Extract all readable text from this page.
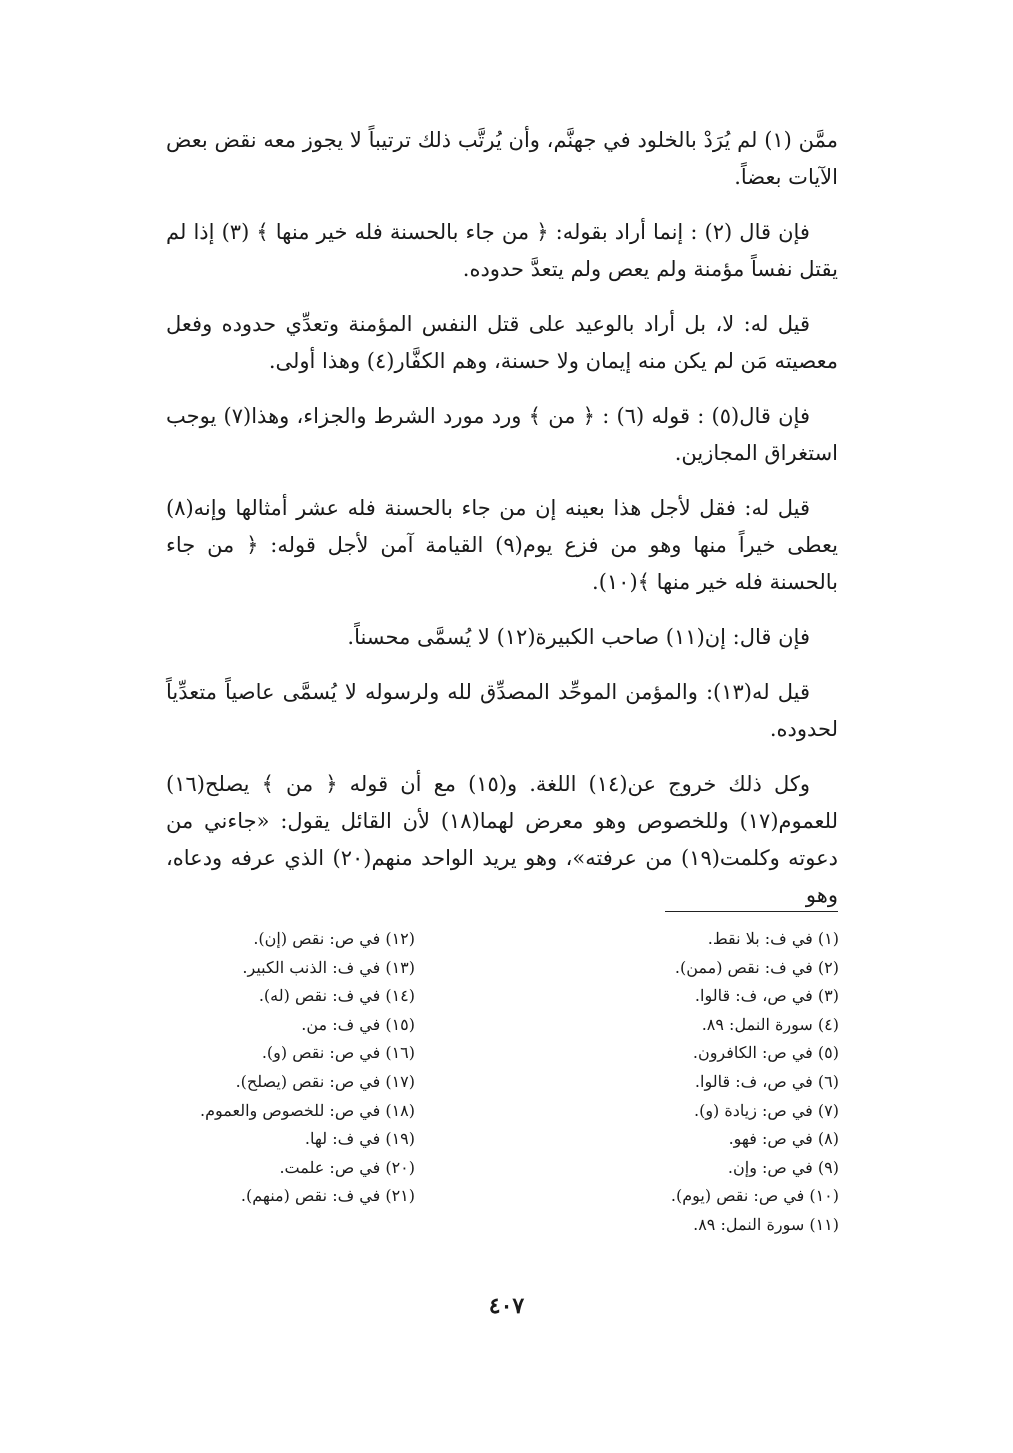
ممَّن (١) لم يُرَدْ بالخلود في جهنَّم، وأن يُرتَّب ذلك ترتيباً لا يجوز معه نقض بعض الآيات بعضاً.

فإن قال (٢) : إنما أراد بقوله: ﴿ من جاء بالحسنة فله خير منها ﴾ (٣) إذا لم يقتل نفساً مؤمنة ولم يعص ولم يتعدَّ حدوده.

قيل له: لا، بل أراد بالوعيد على قتل النفس المؤمنة وتعدِّي حدوده وفعل معصيته مَن لم يكن منه إيمان ولا حسنة، وهم الكفَّار(٤) وهذا أولى.

فإن قال(٥) : قوله (٦) : ﴿ من ﴾ ورد مورد الشرط والجزاء، وهذا(٧) يوجب استغراق المجازين.

قيل له: فقل لأجل هذا بعينه إن من جاء بالحسنة فله عشر أمثالها وإنه(٨) يعطى خيراً منها وهو من فزع يوم(٩) القيامة آمن لأجل قوله: ﴿ من جاء بالحسنة فله خير منها ﴾(١٠).

فإن قال: إن(١١) صاحب الكبيرة(١٢) لا يُسمَّى محسناً.

قيل له(١٣): والمؤمن الموحِّد المصدِّق لله ولرسوله لا يُسمَّى عاصياً متعدِّياً لحدوده.

وكل ذلك خروج عن(١٤) اللغة. و(١٥) مع أن قوله ﴿ من ﴾ يصلح(١٦) للعموم(١٧) وللخصوص وهو معرض لهما(١٨) لأن القائل يقول: «جاءني من دعوته وكلمت(١٩) من عرفته»، وهو يريد الواحد منهم(٢٠) الذي عرفه ودعاه، وهو

(١) في ف: بلا نقط.
(٢) في ف: نقص (ممن).
(٣) في ص، ف: قالوا.
(٤) سورة النمل: ٨٩.
(٥) في ص: الكافرون.
(٦) في ص، ف: قالوا.
(٧) في ص: زيادة (و).
(٨) في ص: فهو.
(٩) في ص: وإن.
(١٠) في ص: نقص (يوم).
(١١) سورة النمل: ٨٩.
(١٢) في ص: نقص (إن).
(١٣) في ف: الذنب الكبير.
(١٤) في ف: نقص (له).
(١٥) في ف: من.
(١٦) في ص: نقص (و).
(١٧) في ص: نقص (يصلح).
(١٨) في ص: للخصوص والعموم.
(١٩) في ف: لها.
(٢٠) في ص: علمت.
(٢١) في ف: نقص (منهم).
٤٠٧
